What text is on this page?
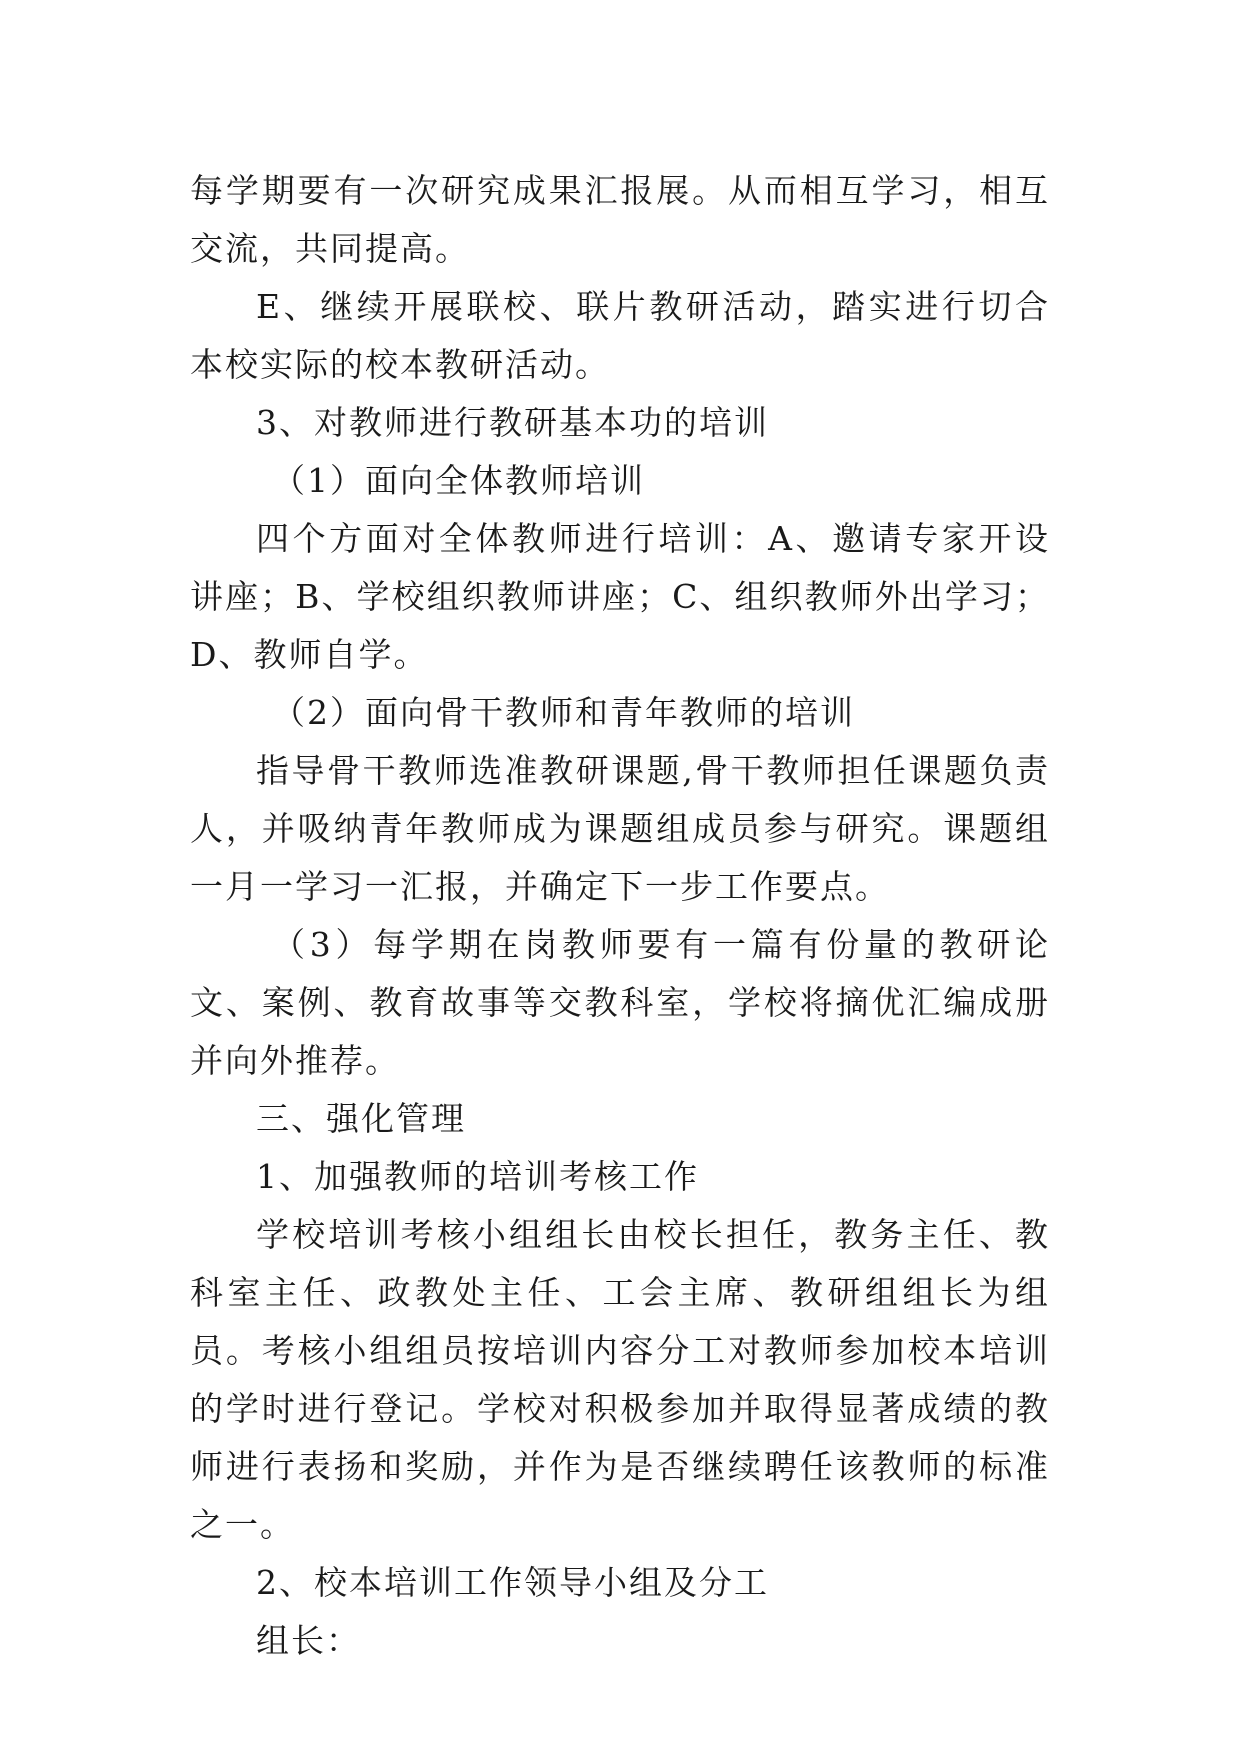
每学期要有一次研究成果汇报展。从而相互学习，相互交流，共同提高。

E、继续开展联校、联片教研活动，踏实进行切合本校实际的校本教研活动。

3、对教师进行教研基本功的培训

（1）面向全体教师培训

四个方面对全体教师进行培训：A、邀请专家开设讲座；B、学校组织教师讲座；C、组织教师外出学习；D、教师自学。

（2）面向骨干教师和青年教师的培训

指导骨干教师选准教研课题,骨干教师担任课题负责人，并吸纳青年教师成为课题组成员参与研究。课题组一月一学习一汇报，并确定下一步工作要点。

（3）每学期在岗教师要有一篇有份量的教研论文、案例、教育故事等交教科室，学校将摘优汇编成册并向外推荐。

三、强化管理

1、加强教师的培训考核工作

学校培训考核小组组长由校长担任，教务主任、教科室主任、政教处主任、工会主席、教研组组长为组员。考核小组组员按培训内容分工对教师参加校本培训的学时进行登记。学校对积极参加并取得显著成绩的教师进行表扬和奖励，并作为是否继续聘任该教师的标准之一。

2、校本培训工作领导小组及分工

组长：
